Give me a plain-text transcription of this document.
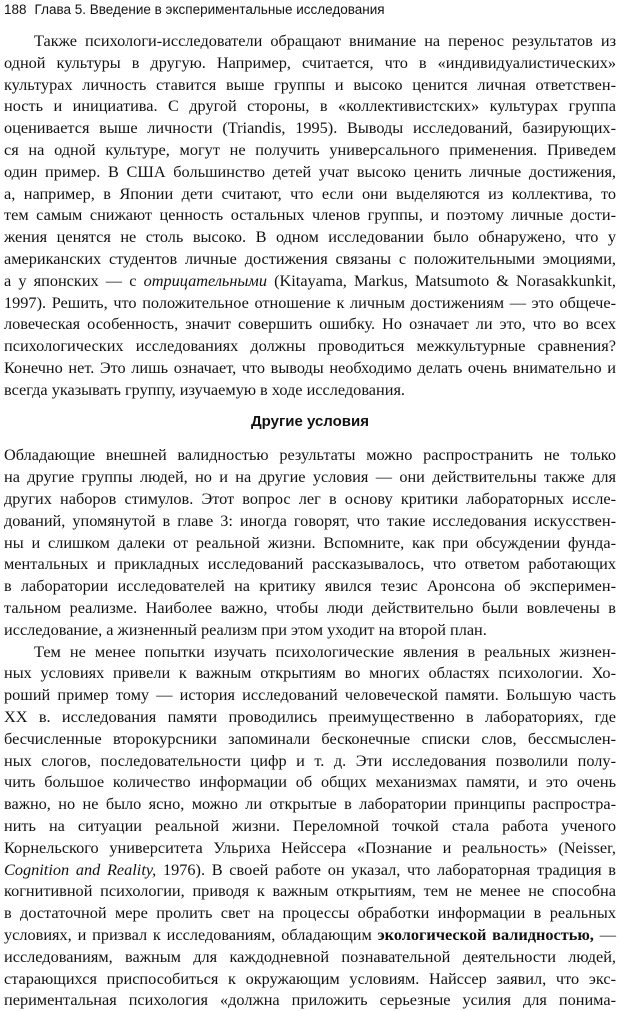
188 Глава 5. Введение в экспериментальные исследования
Также психологи-исследователи обращают внимание на перенос результатов из
одной культуры в другую. Например, считается, что в «индивидуалистических»
культурах личность ставится выше группы и высоко ценится личная ответствен-
ность и инициатива. С другой стороны, в «коллективистских» культурах группа
оценивается выше личности (Triandis, 1995). Выводы исследований, базирующих-
ся на одной культуре, могут не получить универсального применения. Приведем
один пример. В США большинство детей учат высоко ценить личные достижения,
а, например, в Японии дети считают, что если они выделяются из коллектива, то
тем самым снижают ценность остальных членов группы, и поэтому личные дости-
жения ценятся не столь высоко. В одном исследовании было обнаружено, что у
американских студентов личные достижения связаны с положительными эмоциями,
а у японских — с отрицательными (Kitayama, Markus, Matsumoto & Norasakkunkit,
1997). Решить, что положительное отношение к личным достижениям — это общече-
ловеческая особенность, значит совершить ошибку. Но означает ли это, что во всех
психологических исследованиях должны проводиться межкультурные сравнения?
Конечно нет. Это лишь означает, что выводы необходимо делать очень внимательно и
всегда указывать группу, изучаемую в ходе исследования.
Другие условия
Обладающие внешней валидностью результаты можно распространить не только
на другие группы людей, но и на другие условия — они действительны также для
других наборов стимулов. Этот вопрос лег в основу критики лабораторных иссле-
дований, упомянутой в главе 3: иногда говорят, что такие исследования искусствен-
ны и слишком далеки от реальной жизни. Вспомните, как при обсуждении фунда-
ментальных и прикладных исследований рассказывалось, что ответом работающих
в лаборатории исследователей на критику явился тезис Аронсона об эксперимен-
тальном реализме. Наиболее важно, чтобы люди действительно были вовлечены в
исследование, а жизненный реализм при этом уходит на второй план.
Тем не менее попытки изучать психологические явления в реальных жизнен-
ных условиях привели к важным открытиям во многих областях психологии. Хо-
роший пример тому — история исследований человеческой памяти. Большую часть
XX в. исследования памяти проводились преимущественно в лабораториях, где
бесчисленные второкурсники запоминали бесконечные списки слов, бессмыслен-
ных слогов, последовательности цифр и т. д. Эти исследования позволили полу-
чить большое количество информации об общих механизмах памяти, и это очень
важно, но не было ясно, можно ли открытые в лаборатории принципы распростра-
нить на ситуации реальной жизни. Переломной точкой стала работа ученого
Корнельского университета Ульриха Нейссера «Познание и реальность» (Neisser,
Cognition and Reality, 1976). В своей работе он указал, что лабораторная традиция в
когнитивной психологии, приводя к важным открытиям, тем не менее не способна
в достаточной мере пролить свет на процессы обработки информации в реальных
условиях, и призвал к исследованиям, обладающим экологической валидностью, —
исследованиям, важным для каждодневной познавательной деятельности людей,
старающихся приспособиться к окружающим условиям. Найссер заявил, что экс-
периментальная психология «должна приложить серьезные усилия для понима-
